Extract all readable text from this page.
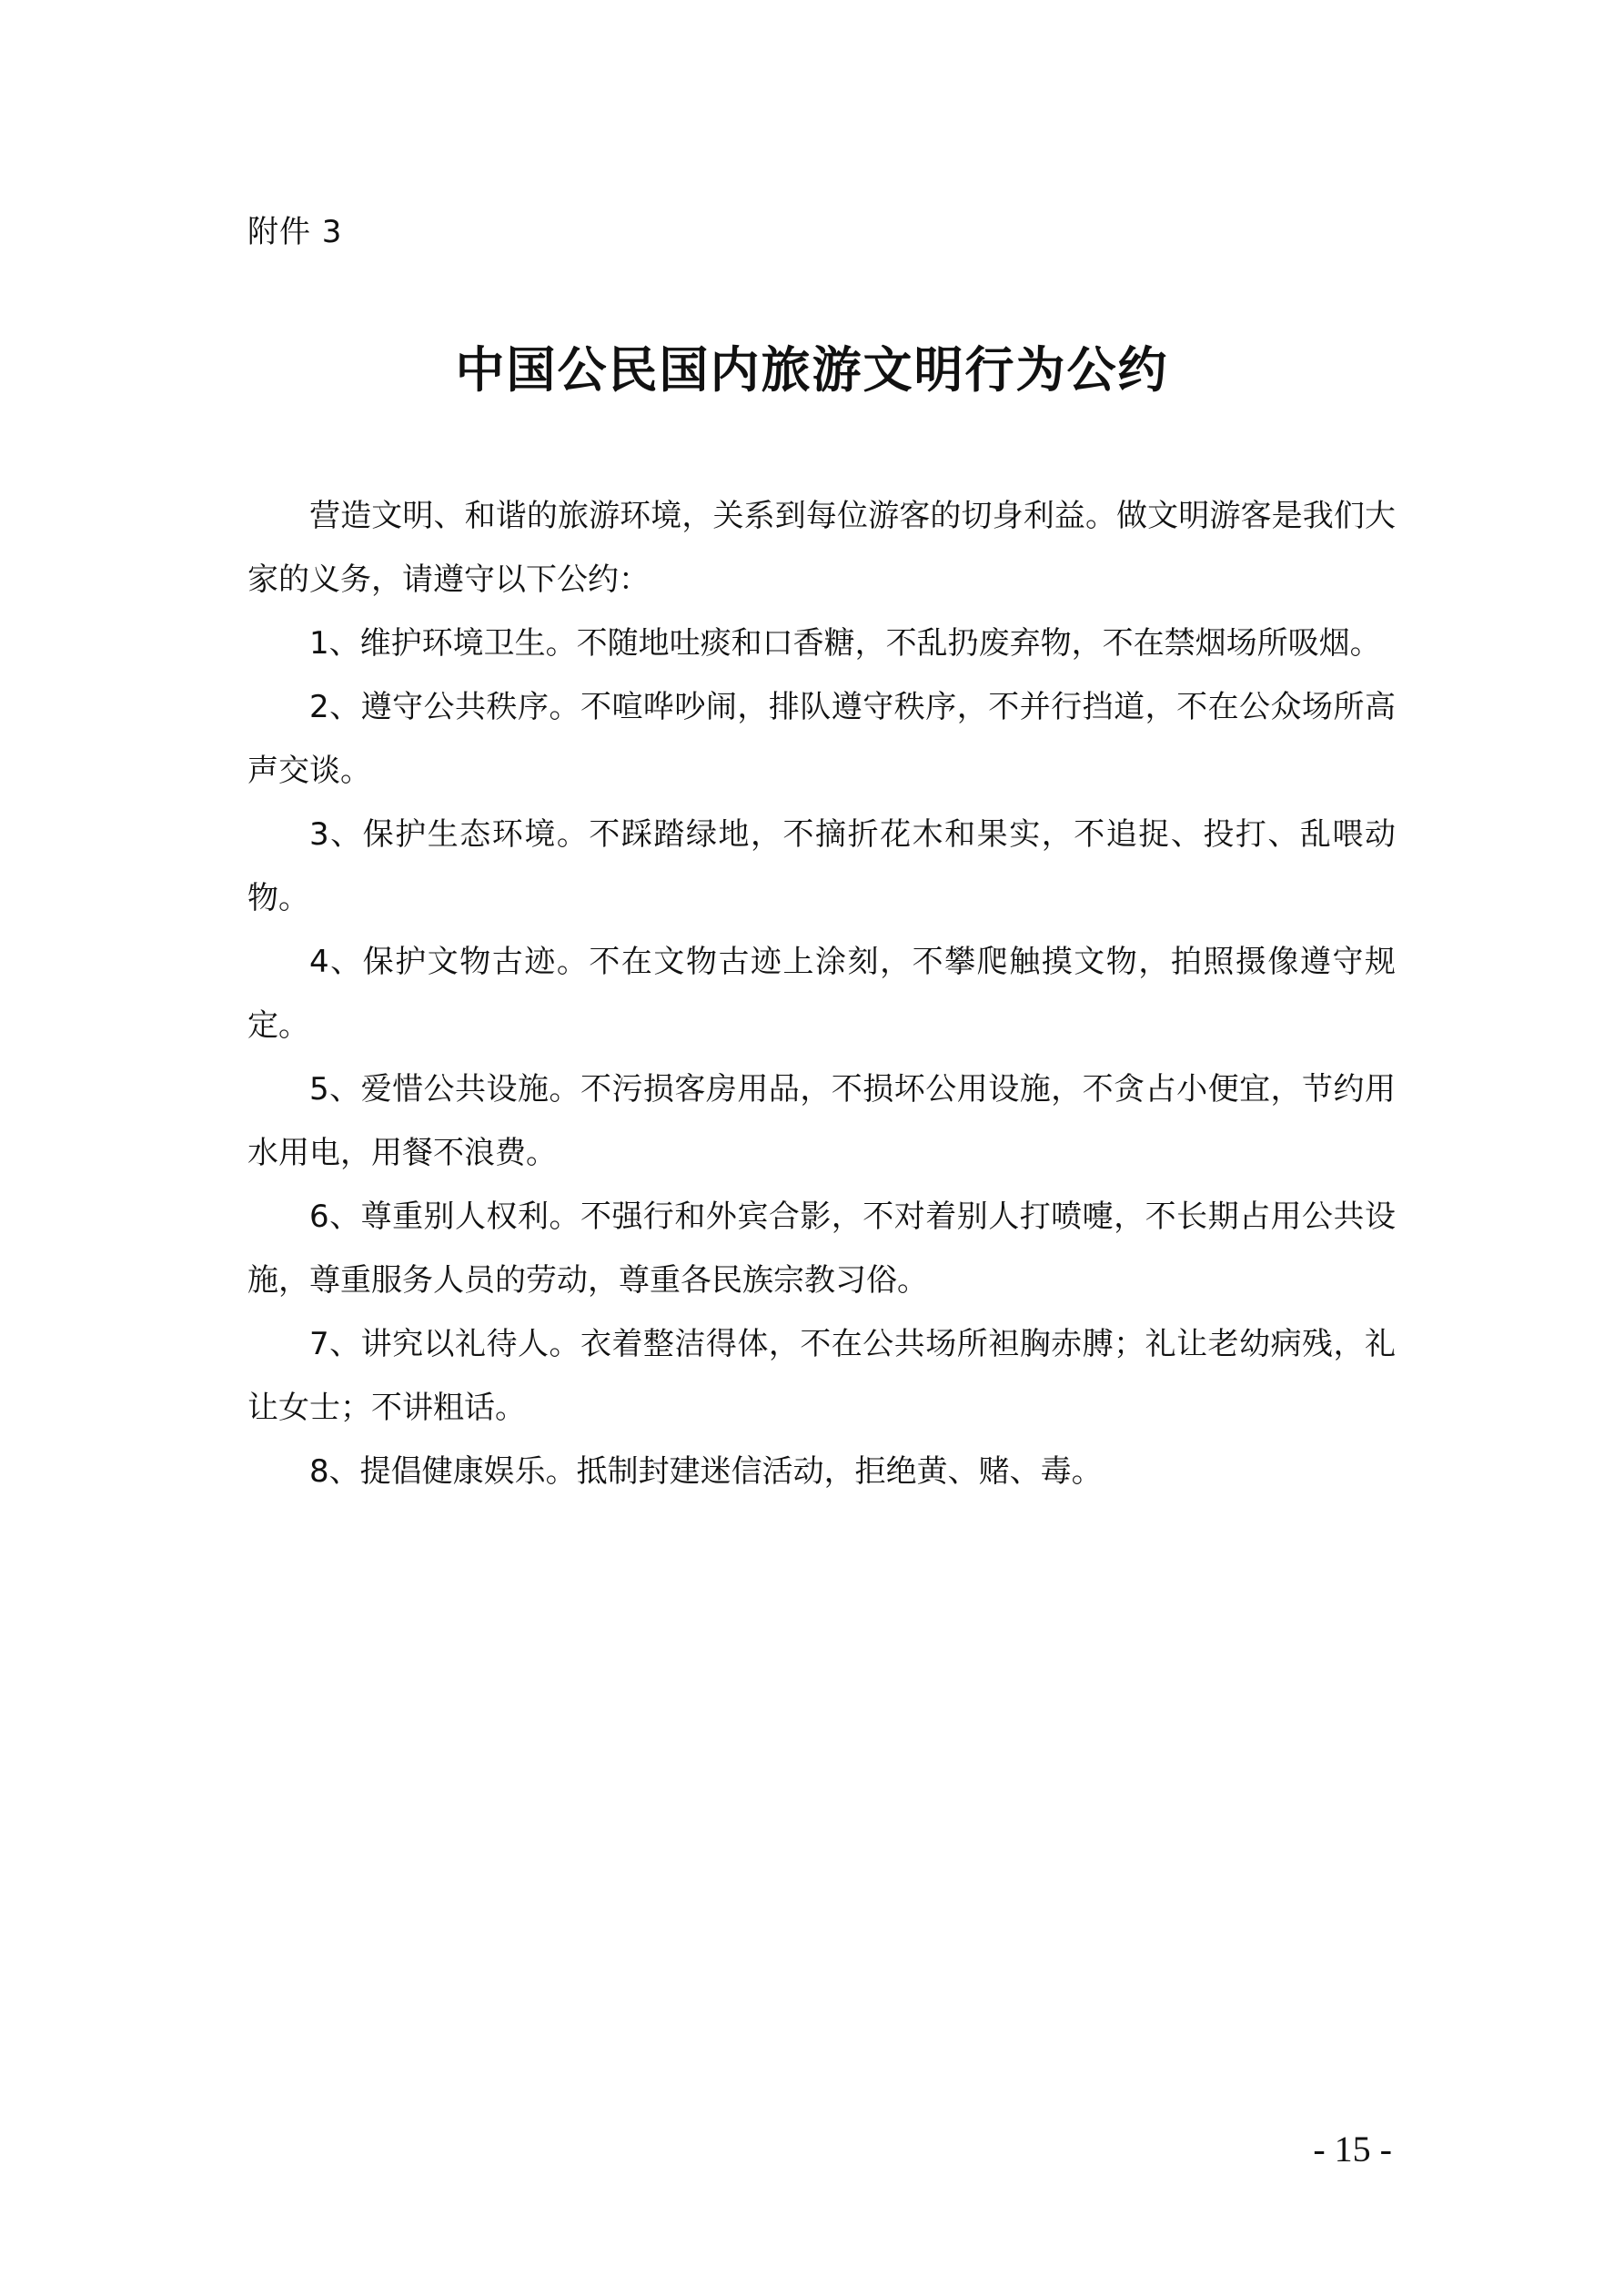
附件 3
中国公民国内旅游文明行为公约

营造文明、和谐的旅游环境，关系到每位游客的切身利益。做文明游客是我们大家的义务，请遵守以下公约：

1、维护环境卫生。不随地吐痰和口香糖，不乱扔废弃物，不在禁烟场所吸烟。

2、遵守公共秩序。不喧哗吵闹，排队遵守秩序，不并行挡道，不在公众场所高声交谈。

3、保护生态环境。不踩踏绿地，不摘折花木和果实，不追捉、投打、乱喂动物。

4、保护文物古迹。不在文物古迹上涂刻，不攀爬触摸文物，拍照摄像遵守规定。

5、爱惜公共设施。不污损客房用品，不损坏公用设施，不贪占小便宜，节约用水用电，用餐不浪费。

6、尊重别人权利。不强行和外宾合影，不对着别人打喷嚏，不长期占用公共设施，尊重服务人员的劳动，尊重各民族宗教习俗。

7、讲究以礼待人。衣着整洁得体，不在公共场所袒胸赤膊；礼让老幼病残，礼让女士；不讲粗话。

8、提倡健康娱乐。抵制封建迷信活动，拒绝黄、赌、毒。

- 15 -
